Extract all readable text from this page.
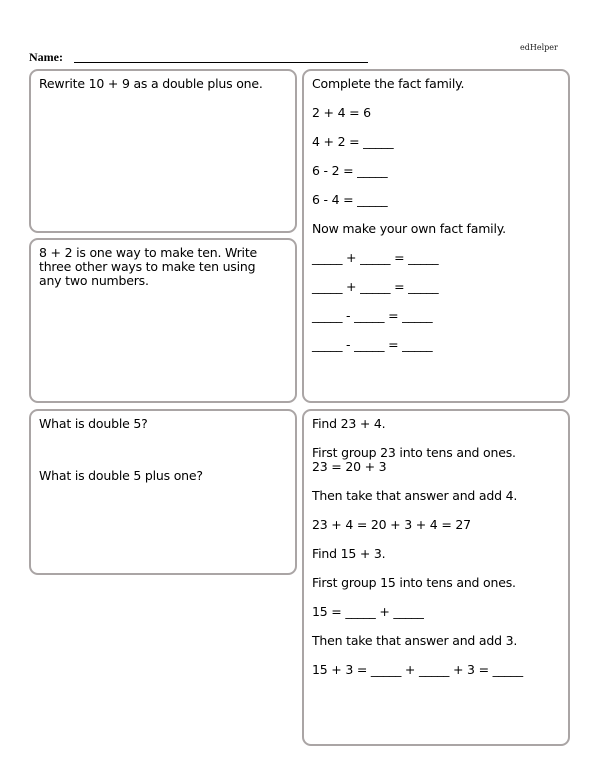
edHelper
Name:
Rewrite 10 + 9 as a double plus one.
8 + 2 is one way to make ten. Write
three other ways to make ten using
any two numbers.
Complete the fact family.
2 + 4 = 6
4 + 2 = _____
6 - 2 = _____
6 - 4 = _____
Now make your own fact family.
_____ + _____ = _____
_____ + _____ = _____
_____ - _____ = _____
_____ - _____ = _____
What is double 5?
What is double 5 plus one?
Find 23 + 4.
First group 23 into tens and ones.
23 = 20 + 3
Then take that answer and add 4.
23 + 4 = 20 + 3 + 4 = 27
Find 15 + 3.
First group 15 into tens and ones.
15 = _____ + _____
Then take that answer and add 3.
15 + 3 = _____ + _____ + 3 = _____
